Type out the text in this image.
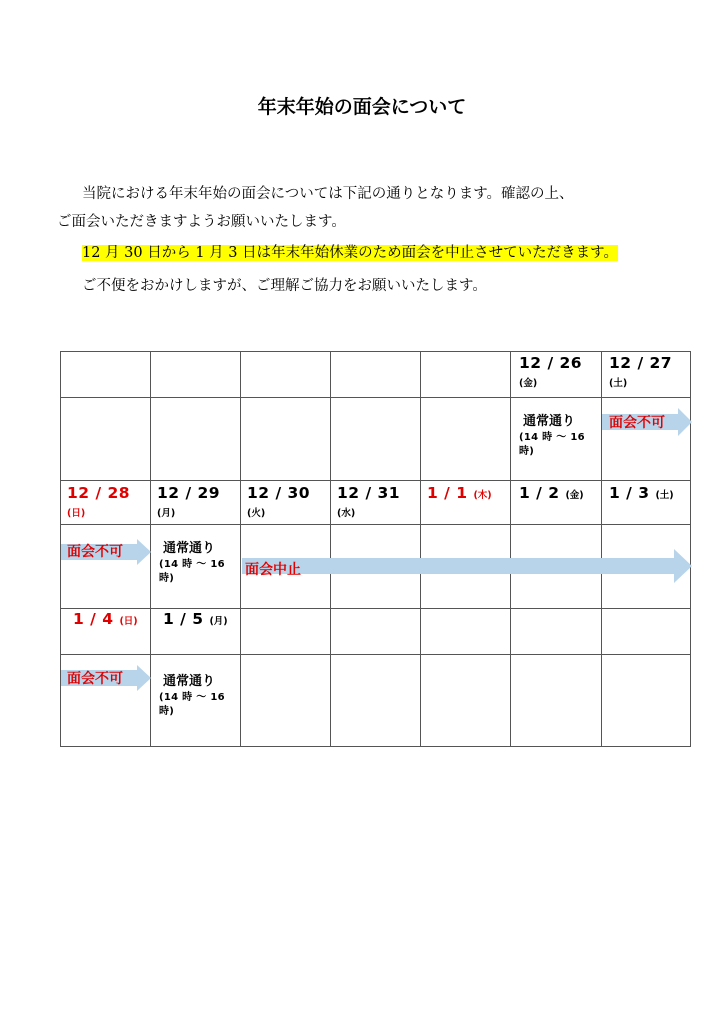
年末年始の面会について
当院における年末年始の面会については下記の通りとなります。確認の上、
ご面会いただきますようお願いいたします。
12 月 30 日から 1 月 3 日は年末年始休業のため面会を中止させていただきます。
ご不便をおかけしますが、ご理解ご協力をお願いいたします。
12 / 26
(金)
12 / 27
(土)
通常通り
(14 時 ～ 16
時)
面会不可
12 / 28
(日)
12 / 29
(月)
12 / 30
(火)
12 / 31
(水)
1 / 1 (木) 1 / 2 (金) 1 / 3 (土)
面会不可	通常通り
(14 時 ～ 16
時)
面会中止
1 / 4 (日) 1 / 5 (月)
面会不可	通常通り
(14 時 ～ 16
時)
